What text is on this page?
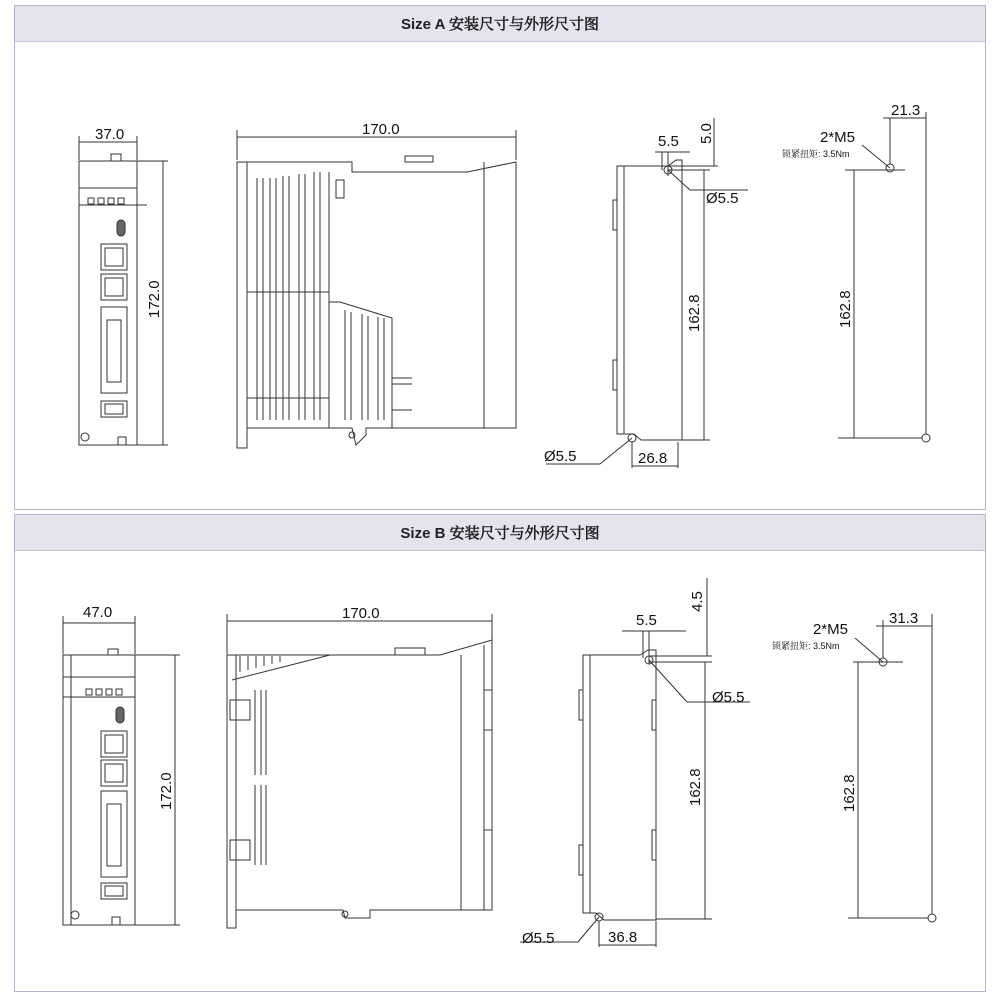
Size A 安装尺寸与外形尺寸图
Size B 安装尺寸与外形尺寸图
37.0
172.0
170.0
5.5 5.0
Ø5.5
162.8
Ø5.5	26.8
21.3
2*M5
锁紧扭矩: 3.5Nm
162.8
47.0
172.0
170.0	5.5
4.5
Ø5.5
162.8
Ø5.5	36.8
31.3
2*M5
锁紧扭矩: 3.5Nm
162.8
